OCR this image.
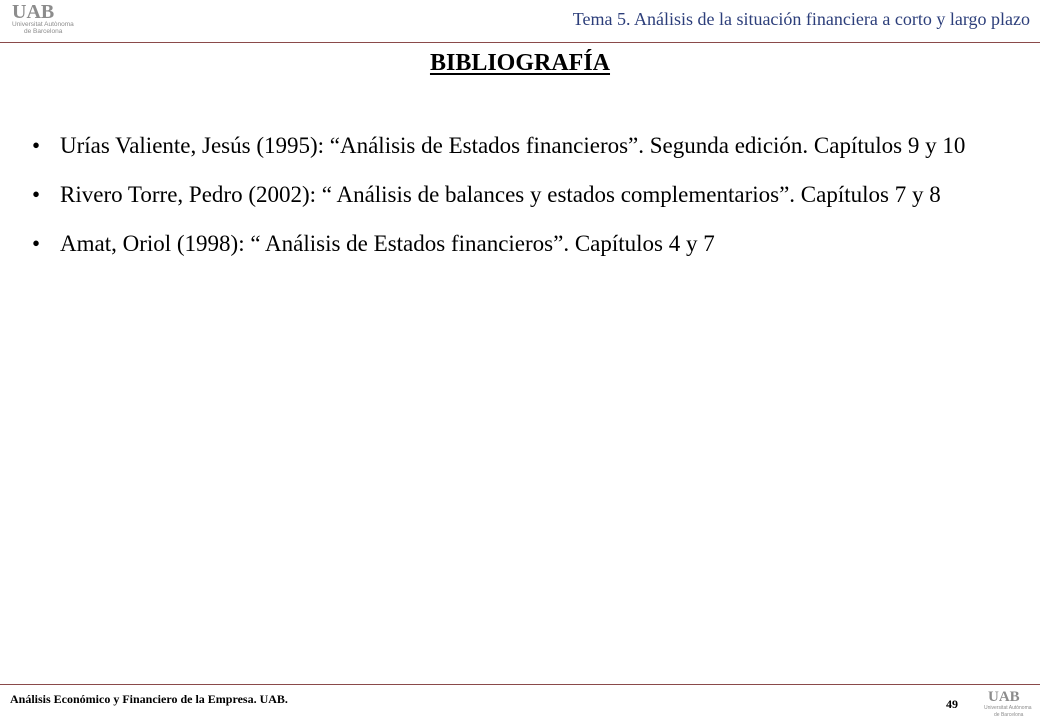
UAB
Universitat Autònoma
de Barcelona
Tema 5. Análisis de la situación financiera a corto y largo plazo
BIBLIOGRAFÍA
• Urías Valiente, Jesús (1995): “Análisis de Estados financieros”. Segunda edición. Capítulos 9 y 10
• Rivero Torre, Pedro (2002): “ Análisis de balances y estados complementarios”. Capítulos 7 y 8
• Amat, Oriol (1998): “ Análisis de Estados financieros”. Capítulos 4 y 7
Análisis Económico y Financiero de la Empresa. UAB.	49 UAB
Universitat Autònoma
de Barcelona
